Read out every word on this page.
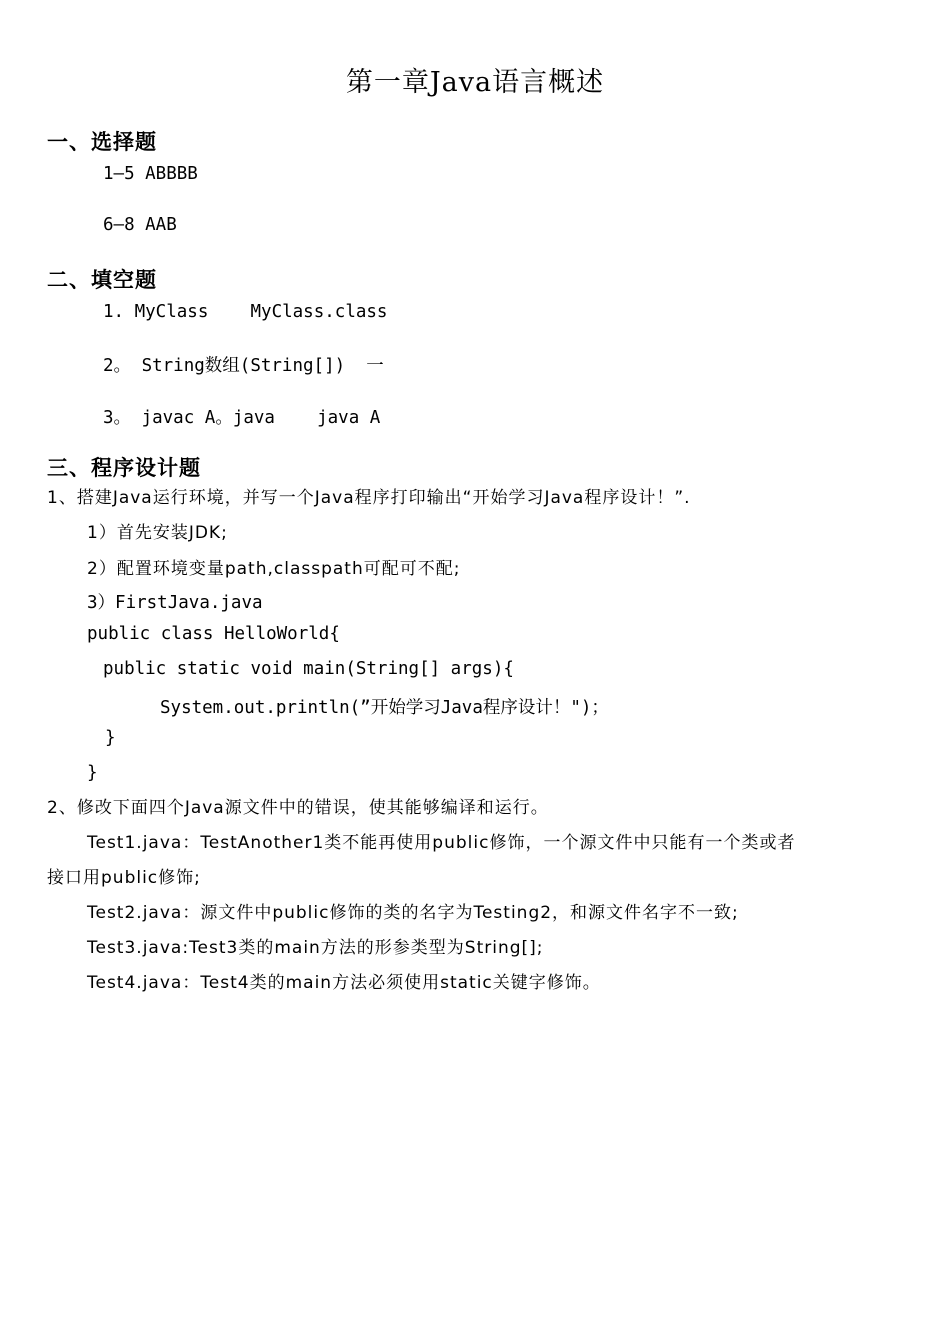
第一章Java语言概述
一、选择题
1—5 ABBBB
6—8 AAB
二、填空题
1. MyClass    MyClass.class
2。 String数组(String[])  一
3。 javac A。java    java A
三、程序设计题
1、搭建Java运行环境，并写一个Java程序打印输出“开始学习Java程序设计！”.
1）首先安装JDK;
2）配置环境变量path,classpath可配可不配;
3）FirstJava.java
public class HelloWorld{
public static void main(String[] args){
System.out.println(”开始学习Java程序设计！")；
}
}
2、修改下面四个Java源文件中的错误，使其能够编译和运行。
Test1.java：TestAnother1类不能再使用public修饰，一个源文件中只能有一个类或者
接口用public修饰;
Test2.java：源文件中public修饰的类的名字为Testing2，和源文件名字不一致;
Test3.java:Test3类的main方法的形参类型为String[];
Test4.java：Test4类的main方法必须使用static关键字修饰。
